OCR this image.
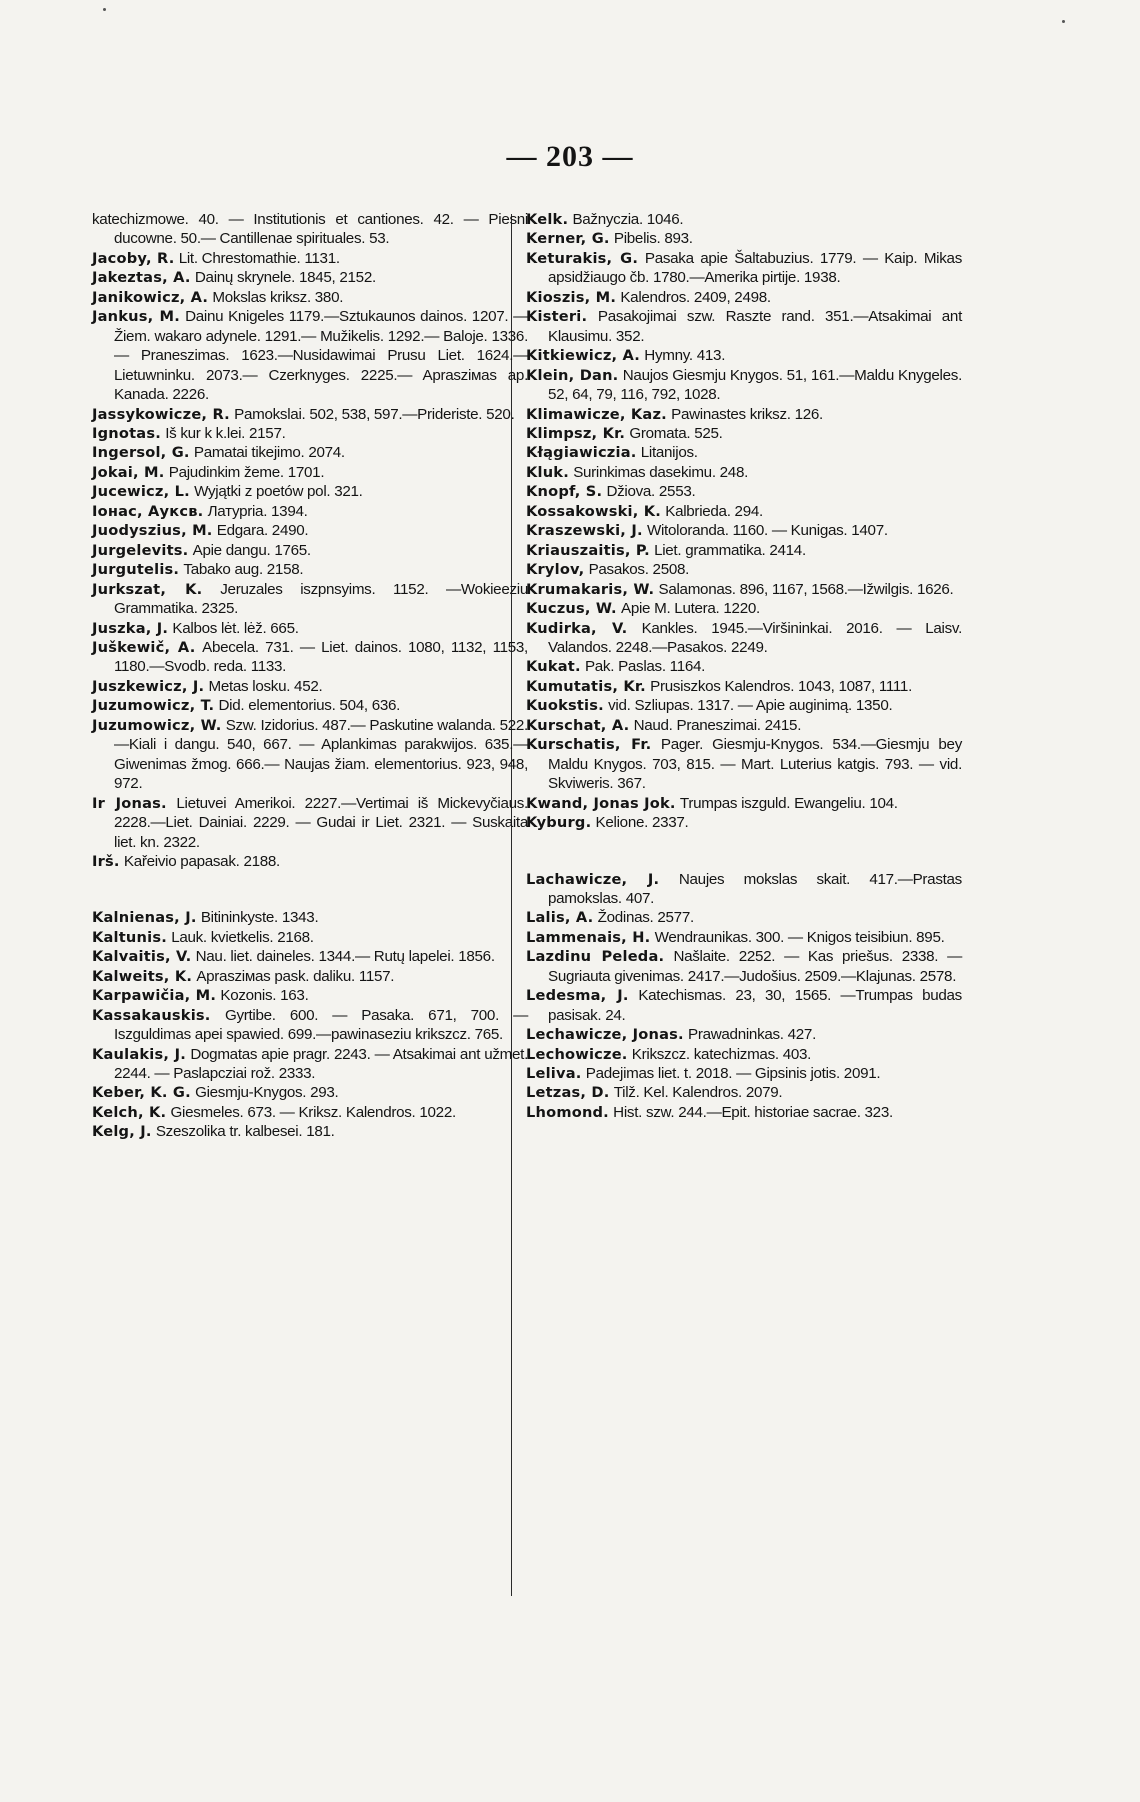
— 203 —
katechizmowe. 40. — Institutionis et cantiones. 42. — Piesni ducowne. 50.— Cantillenae spirituales. 53.
Jacoby, R. Lit. Chrestomathie. 1131.
Jakeztas, A. Dainų skrynele. 1845, 2152.
Janikowicz, A. Mokslas kriksz. 380.
Jankus, M. Dainu Knigeles 1179.—Sztukaunos dainos. 1207. — Žiem. wakaro adynele. 1291.— Mužikelis. 1292.— Baloje. 1336.— Praneszimas. 1623.—Nusidawimai Prusu Liet. 1624.—Lietuwninku. 2073.— Czerknyges. 2225.— Aprasziмas ap. Kanada. 2226.
Jassykowicze, R. Pamokslai. 502, 538, 597.—Prideriste. 520.
Ignotas. Iš kur k k.lei. 2157.
Ingersol, G. Pamatai tikejimo. 2074.
Jokai, M. Pajudinkim žeme. 1701.
Jucewicz, L. Wyjątki z poetów pol. 321.
Іонас, Ауксв. Латурria. 1394.
Juodyszius, M. Edgara. 2490.
Jurgelevits. Apie dangu. 1765.
Jurgutelis. Tabako aug. 2158.
Jurkszat, K. Jeruzales iszpnsyims. 1152. —Wokieeziu Grammatika. 2325.
Juszka, J. Kalbos lėt. lėž. 665.
Juškewič, A. Abecela. 731. — Liet. dainos. 1080, 1132, 1153, 1180.—Svodb. reda. 1133.
Juszkewicz, J. Metas losku. 452.
Juzumowicz, T. Did. elementorius. 504, 636.
Juzumowicz, W. Szw. Izidorius. 487.— Paskutine walanda. 522.—Kiali i dangu. 540, 667. — Aplankimas parakwijos. 635.— Giwenimas žmog. 666.— Naujas žiam. elementorius. 923, 948, 972.
Ir Jonas. Lietuvei Amerikoi. 2227.—Vertimai iš Mickevyčiaus. 2228.—Liet. Dainiai. 2229. — Gudai ir Liet. 2321. — Suskaita liet. kn. 2322.
Irš. Kařeivio papasak. 2188.
Kalnienas, J. Bitininkyste. 1343.
Kaltunis. Lauk. kvietkelis. 2168.
Kalvaitis, V. Nau. liet. daineles. 1344.— Rutų lapelei. 1856.
Kalweits, K. Aprasziмas pask. daliku. 1157.
Karpawičia, M. Kozonis. 163.
Kassakauskis. Gyrtibe. 600. — Pasaka. 671, 700. — Iszguldimas apei spawied. 699.—pawinaseziu krikszcz. 765.
Kaulakis, J. Dogmatas apie pragr. 2243. — Atsakimai ant užmet. 2244. — Paslapcziai rož. 2333.
Keber, K. G. Giesmju-Knygos. 293.
Kelch, K. Giesmeles. 673. — Kriksz. Kalendros. 1022.
Kelg, J. Szeszolika tr. kalbesei. 181.
Kelk. Bažnyczia. 1046.
Kerner, G. Pibelis. 893.
Keturakis, G. Pasaka apie Šaltabuzius. 1779. — Kaip. Mikas apsidžiaugo čb. 1780.—Amerika pirtije. 1938.
Kioszis, M. Kalendros. 2409, 2498.
Kisteri. Pasakojimai szw. Raszte rand. 351.—Atsakimai ant Klausimu. 352.
Kitkiewicz, A. Hymny. 413.
Klein, Dan. Naujos Giesmju Knygos. 51, 161.—Maldu Knygeles. 52, 64, 79, 116, 792, 1028.
Klimawicze, Kaz. Pawinastes kriksz. 126.
Klimpsz, Kr. Gromata. 525.
Kłągiawiczia. Litanijos.
Kluk. Surinkimas dasekimu. 248.
Knopf, S. Džiova. 2553.
Kossakowski, K. Kalbriеda. 294.
Kraszewski, J. Witoloranda. 1160. — Kunigas. 1407.
Kriauszaitis, P. Liet. grammatika. 2414.
Krylov, Pasakos. 2508.
Krumakaris, W. Salamonas. 896, 1167, 1568.—Ižwilgis. 1626.
Kuczus, W. Apie M. Lutera. 1220.
Kudirka, V. Kankles. 1945.—Viršininkai. 2016. — Laisv. Valandos. 2248.—Pasakos. 2249.
Kukat. Pak. Paslas. 1164.
Kumutatis, Kr. Prusiszkos Kalendros. 1043, 1087, 1111.
Kuokstis. vid. Szliupas. 1317. — Apie auginimą. 1350.
Kurschat, A. Naud. Praneszimai. 2415.
Kurschatis, Fr. Pager. Giesmju-Knygos. 534.—Giesmju bey Maldu Knygos. 703, 815. — Mart. Luterius katgis. 793. — vid. Skviweris. 367.
Kwand, Jonas Jok. Trumpas iszguld. Ewangeliu. 104.
Kyburg. Kelione. 2337.
Lachawicze, J. Naujes mokslas skait. 417.—Prastas pamokslas. 407.
Lalis, A. Žodinas. 2577.
Lammenais, H. Wendraunikas. 300. — Knigos teisibiun. 895.
Lazdinu Peleda. Našlaite. 2252. — Kas priešus. 2338. — Sugriauta givenimas. 2417.—Judošius. 2509.—Klajunas. 2578.
Ledesma, J. Katechismas. 23, 30, 1565. —Trumpas budas pasisak. 24.
Lechawicze, Jonas. Prawadninkas. 427.
Lechowicze. Krikszcz. katechizmas. 403.
Leliva. Padejimas liet. t. 2018. — Gipsinis jotis. 2091.
Letzas, D. Tilž. Kel. Kalendros. 2079.
Lhomond. Hist. szw. 244.—Epit. historiae sacrae. 323.
